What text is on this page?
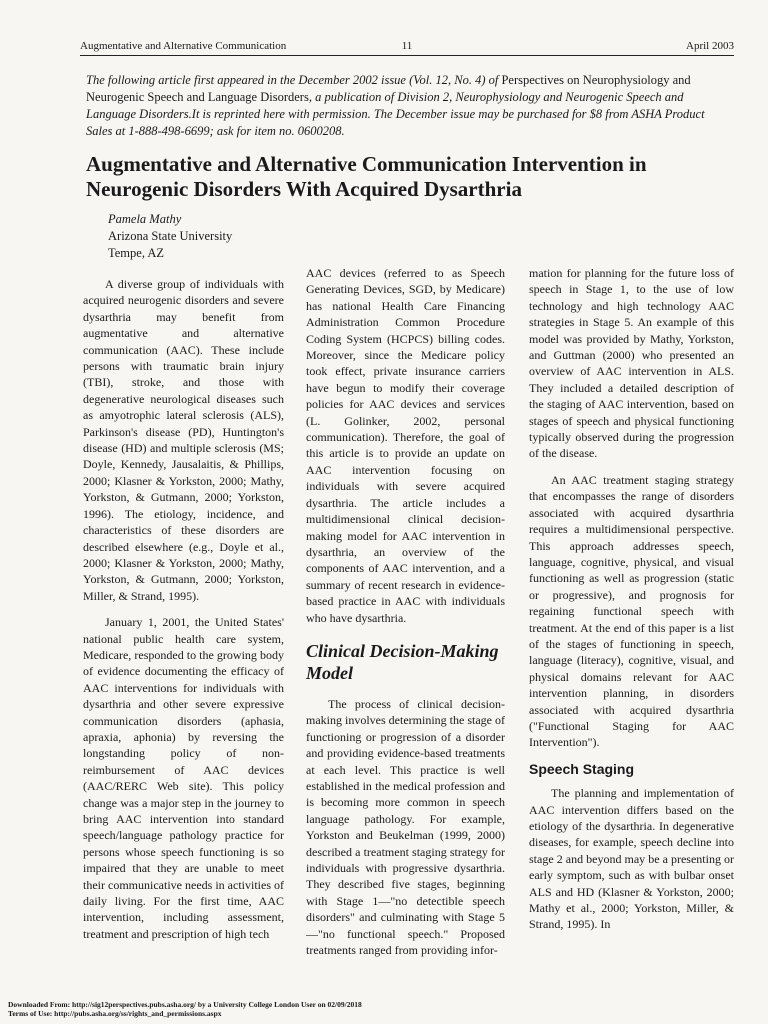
Augmentative and Alternative Communication	11	April 2003
The following article first appeared in the December 2002 issue (Vol. 12, No. 4) of Perspectives on Neurophysiology and Neurogenic Speech and Language Disorders, a publication of Division 2, Neurophysiology and Neurogenic Speech and Language Disorders.It is reprinted here with permission. The December issue may be purchased for $8 from ASHA Product Sales at 1-888-498-6699; ask for item no. 0600208.
Augmentative and Alternative Communication Intervention in Neurogenic Disorders With Acquired Dysarthria
Pamela Mathy
Arizona State University
Tempe, AZ

A diverse group of individuals with acquired neurogenic disorders and severe dysarthria may benefit from augmentative and alternative communication (AAC). These include persons with traumatic brain injury (TBI), stroke, and those with degenerative neurological diseases such as amyotrophic lateral sclerosis (ALS), Parkinson's disease (PD), Huntington's disease (HD) and multiple sclerosis (MS; Doyle, Kennedy, Jausalaitis, & Phillips, 2000; Klasner & Yorkston, 2000; Mathy, Yorkston, & Gutmann, 2000; Yorkston, 1996). The etiology, incidence, and characteristics of these disorders are described elsewhere (e.g., Doyle et al., 2000; Klasner & Yorkston, 2000; Mathy, Yorkston, & Gutmann, 2000; Yorkston, Miller, & Strand, 1995).

January 1, 2001, the United States' national public health care system, Medicare, responded to the growing body of evidence documenting the efficacy of AAC interventions for individuals with dysarthria and other severe expressive communication disorders (aphasia, apraxia, aphonia) by reversing the longstanding policy of non-reimbursement of AAC devices (AAC/RERC Web site). This policy change was a major step in the journey to bring AAC intervention into standard speech/language pathology practice for persons whose speech functioning is so impaired that they are unable to meet their communicative needs in activities of daily living. For the first time, AAC intervention, including assessment, treatment and prescription of high tech

AAC devices (referred to as Speech Generating Devices, SGD, by Medicare) has national Health Care Financing Administration Common Procedure Coding System (HCPCS) billing codes. Moreover, since the Medicare policy took effect, private insurance carriers have begun to modify their coverage policies for AAC devices and services (L. Golinker, 2002, personal communication). Therefore, the goal of this article is to provide an update on AAC intervention focusing on individuals with severe acquired dysarthria. The article includes a multidimensional clinical decision-making model for AAC intervention in dysarthria, an overview of the components of AAC intervention, and a summary of recent research in evidence-based practice in AAC with individuals who have dysarthria.

Clinical Decision-Making Model

The process of clinical decision-making involves determining the stage of functioning or progression of a disorder and providing evidence-based treatments at each level. This practice is well established in the medical profession and is becoming more common in speech language pathology. For example, Yorkston and Beukelman (1999, 2000) described a treatment staging strategy for individuals with progressive dysarthria. They described five stages, beginning with Stage 1—"no detectible speech disorders" and culminating with Stage 5—"no functional speech." Proposed treatments ranged from providing infor-

mation for planning for the future loss of speech in Stage 1, to the use of low technology and high technology AAC strategies in Stage 5. An example of this model was provided by Mathy, Yorkston, and Guttman (2000) who presented an overview of AAC intervention in ALS. They included a detailed description of the staging of AAC intervention, based on stages of speech and physical functioning typically observed during the progression of the disease.

An AAC treatment staging strategy that encompasses the range of disorders associated with acquired dysarthria requires a multidimensional perspective. This approach addresses speech, language, cognitive, physical, and visual functioning as well as progression (static or progressive), and prognosis for regaining functional speech with treatment. At the end of this paper is a list of the stages of functioning in speech, language (literacy), cognitive, visual, and physical domains relevant for AAC intervention planning, in disorders associated with acquired dysarthria ("Functional Staging for AAC Intervention").

Speech Staging

The planning and implementation of AAC intervention differs based on the etiology of the dysarthria. In degenerative diseases, for example, speech decline into stage 2 and beyond may be a presenting or early symptom, such as with bulbar onset ALS and HD (Klasner & Yorkston, 2000; Mathy et al., 2000; Yorkston, Miller, & Strand, 1995). In

Downloaded From: http://sig12perspectives.pubs.asha.org/ by a University College London User on 02/09/2018
Terms of Use: http://pubs.asha.org/ss/rights_and_permissions.aspx
